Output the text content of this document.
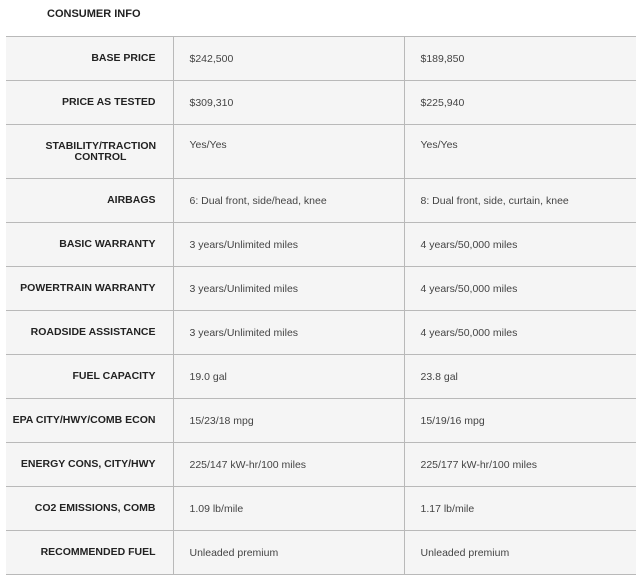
CONSUMER INFO
BASE PRICE	$242,500	$189,850
PRICE AS TESTED	$309,310	$225,940
STABILITY/TRACTION CONTROL	Yes/Yes	Yes/Yes
AIRBAGS	6: Dual front, side/head, knee	8: Dual front, side, curtain, knee
BASIC WARRANTY	3 years/Unlimited miles	4 years/50,000 miles
POWERTRAIN WARRANTY	3 years/Unlimited miles	4 years/50,000 miles
ROADSIDE ASSISTANCE	3 years/Unlimited miles	4 years/50,000 miles
FUEL CAPACITY	19.0 gal	23.8 gal
EPA CITY/HWY/COMB ECON	15/23/18 mpg	15/19/16 mpg
ENERGY CONS, CITY/HWY	225/147 kW-hr/100 miles	225/177 kW-hr/100 miles
CO2 EMISSIONS, COMB	1.09 lb/mile	1.17 lb/mile
RECOMMENDED FUEL	Unleaded premium	Unleaded premium
